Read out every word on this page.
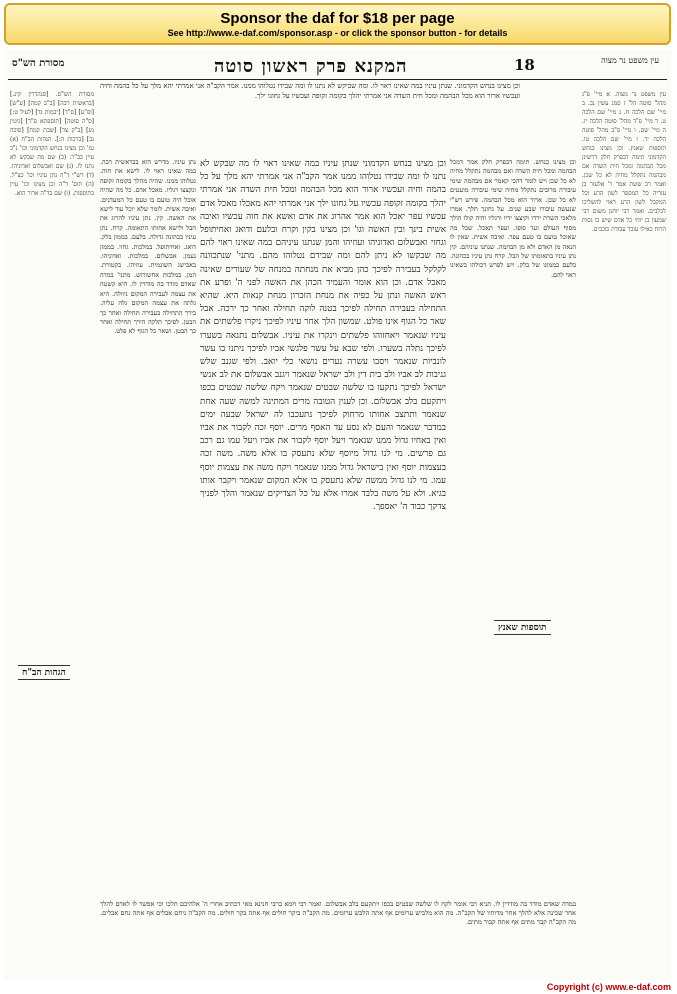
Sponsor the daf for $18 per page
See http://www.e-daf.com/sponsor.asp - or click the sponsor button - for details
מסורת הש"ס	המקנא פרק ראשון סוטה	18	עין משפט נר מצוה
מסורת הש"ס. [סנהדרין קיג.] [בראשית רבה] [ב"ב קמה] [ע"ש] [ופ"ע] [ס"ד] [יבמות נד] [לעיל ט:] [ס"ה סוטה] [תוספתא פ"ד] [גיטין מג] [ב"ק צד] [שבת קמח] [סוכה נב] [ברכות ה:]. הגהות הב"ח (א) גמ' וכן מצינו בנחש הקדמוני וכו' נ"ב עיין בב"ר. (ב) שם מה שבקש לא נתנו לו. (ג) שם ואבשלום ואדוניהו. (ד) רש"י ד"ה נתן עיניו וכו' כצ"ל. (ה) תוס' ד"ה וכן מצינו וכו' עיין בתוספות. (ו) שם בד"ה ארור הוא.
וכן מצינו בנחש הקדמוני. שנתן עיניו במה שאינו ראוי לו. ומה שביקש לא נתנו לו ומה שבידו נטלוהו ממנו. אמר הקב"ה אני אמרתי יהא מלך על כל בהמה וחיה ועכשיו ארור הוא מכל הבהמה ומכל חית השדה אני אמרתי יהלך בקומה זקופה ועכשיו על גחונו ילך.
נתן עיניו. מדרש הוא בבראשית רבה. במה שאינו ראוי לו. לישא את חוה. נטלוהו ממנו. שהיה מהלך בקומה זקופה ונקצצו רגליו. מאכל אדם. כל מה שהיה אוכל היה טועם בו טעם כל המעדנים. ואיבה אשית. לומר שלא יוכל עוד לישא את האשה. קין. נתן עיניו להרוג את הבל ולישא אחותו התאומה. קרח. נתן עיניו בכהונה גדולה. בלעם. בממון בלק. דואג. ואחיתופל. במלכות. גחזי. בממון נעמן. אבשלום. במלכות. ואדוניהו. באבישג השונמית. עוזיהו. בקטורת. המן. במלכות אחשורוש. מתני' במדה שאדם מודד בה מודדין לו. היא קשטה את עצמה לעבירה המקום ניוולה. היא גלתה את עצמה המקום גלה עליה. בירך התחילה בעבירה תחילה ואחר כך הבטן. לפיכך תלקה הירך תחילה ואחר כך הבטן. ושאר כל הגוף לא פלט.
וכן מצינו בנחש הקדמוני שנתן עיניו במה שאינו ראוי לו מה שבקש לא נתנו לו ומה שבידו נטלוהו ממנו אמר הקב"ה אני אמרתי יהא מלך על כל בהמה וחיה ועכשיו ארור הוא מכל הבהמה ומכל חית השדה אני אמרתי יהלך בקומה זקופה עכשיו על גחונו ילך אני אמרתי יהא מאכלו מאכל אדם עכשיו עפר יאכל הוא אמר אהרוג את אדם ואשא את חוה עכשיו ואיבה אשית בינך ובין האשה וגו' וכן מצינו בקין וקרח ובלעם ודואג ואחיתופל וגחזי ואבשלום ואדוניהו ועוזיהו והמן שנתנו עיניהם במה שאינו ראוי להם מה שבקשו לא ניתן להם ומה שבידם נטלוהו מהם. מתני' שנתכוונה לקלקל בעבירה לפיכך כהן מביא את מנחתה במנחה של שעורים שאינה מאכל אדם. וכן הוא אומר והעמיד הכהן את האשה לפני ה' ופרע את ראש האשה ונתן על כפיה את מנחת הזכרון מנחת קנאות היא. שהיא התחילה בעבירה תחילה לפיכך בטנה לוקה תחילה ואחר כך ירכה. אבל שאר כל הגוף אינו פולט. שמשון הלך אחר עיניו לפיכך ניקרו פלשתים את עיניו שנאמר ויאחזוהו פלשתים וינקרו את עיניו. אבשלום נתגאה בשערו לפיכך נתלה בשערו. ולפי שבא על עשר פלגשי אביו לפיכך ניתנו בו עשר לונביות שנאמר ויסבו עשרה נערים נושאי כלי יואב. ולפי שגנב שלש גניבות לב אביו ולב בית דין ולב ישראל שנאמר ויגנב אבשלום את לב אנשי ישראל לפיכך נתקעו בו שלשה שבטים שנאמר ויקח שלשה שבטים בכפו ויתקעם בלב אבשלום. וכן לענין הטובה מרים המתינה למשה שעה אחת שנאמר ותתצב אחותו מרחוק לפיכך נתעכבו לה ישראל שבעה ימים במדבר שנאמר והעם לא נסע עד האסף מרים. יוסף זכה לקבור את אביו ואין באחיו גדול ממנו שנאמר ויעל יוסף לקבור את אביו ויעל עמו גם רכב גם פרשים. מי לנו גדול מיוסף שלא נתעסק בו אלא משה. משה זכה בעצמות יוסף ואין בישראל גדול ממנו שנאמר ויקח משה את עצמות יוסף עמו. מי לנו גדול ממשה שלא נתעסק בו אלא המקום שנאמר ויקבר אותו בגיא. ולא על משה בלבד אמרו אלא על כל הצדיקים שנאמר והלך לפניך צדקך כבוד ה' יאספך.
וכן מצינו בנחש. תימה דבפרק חלק אמר דמכל הבהמה ומכל חית השדה ואם מבהמה נתקלל מחיה לא כל שכן ויש לומר דהכי קאמר אם מבהמה שימי עיבורה מרובים נתקלל מחיה שימי עיבורה מועטים לא כל שכן. ארור הוא מכל הבהמה. פירש רש"י שנעשה עיבורו שבע שנים. על גחונך תלך. אמרו מלאכי השרת ירדו וקיצצו ידיו ורגליו והיה קולו הולך מסוף העולם ועד סופו. ועפר תאכל. שכל מה שאוכל טועם בו טעם עפר. ואיבה אשית. שאין לו הנאה מן האדם ולא מן הבהמה. שנתנו עיניהם. קין נתן עיניו בתאומתו של הבל. קרח נתן עיניו בכהונה. בלעם בממונו של בלק. ויש לפרש דכולהו בשאינו ראוי להם.
עין משפט נר מצוה. א מיי' פ"ג מהל' סוטה הל' ז סמג עשין נב. ב מיי' שם הלכה ח. ג מיי' שם הלכה ט. ד מיי' פ"ד מהל' סוטה הלכה יז. ה מיי' שם. ו מיי' פ"ב מהל' סוטה הלכה יד. ז מיי' שם הלכה טו. תוספות שאנץ. וכן מצינו בנחש הקדמוני תימה דבפרק חלק דרשינן מכל הבהמה ומכל חית השדה אם מבהמה נתקלל מחיה לא כל שכן. ואמר רב ששת אמר ר' אלעזר בן עזריה כל המספר לשון הרע וכל המקבל לשון הרע ראוי להשליכו לכלבים. ואמר רבי יוחנן משום רבי שמעון בן יוחי כל אדם שיש בו גסות הרוח כאילו עובד עבודת כוכבים.
במדה שאדם מודד בה מודדין לו. תניא רבי אומר לקח לו שלשה שבטים בכפו ויתקעם בלב אבשלום. ואמר רבי חמא ברבי חנינא מאי דכתיב אחרי ה' אלהיכם תלכו וכי אפשר לו לאדם להלך אחר שכינה אלא להלך אחר מדותיו של הקב"ה. מה הוא מלביש ערומים אף אתה הלבש ערומים. מה הקב"ה ביקר חולים אף אתה בקר חולים. מה הקב"ה ניחם אבלים אף אתה נחם אבלים. מה הקב"ה קבר מתים אף אתה קבור מתים.
תוספות שאנץ
הגהות הב"ח
Copyright (c) www.e-daf.com
